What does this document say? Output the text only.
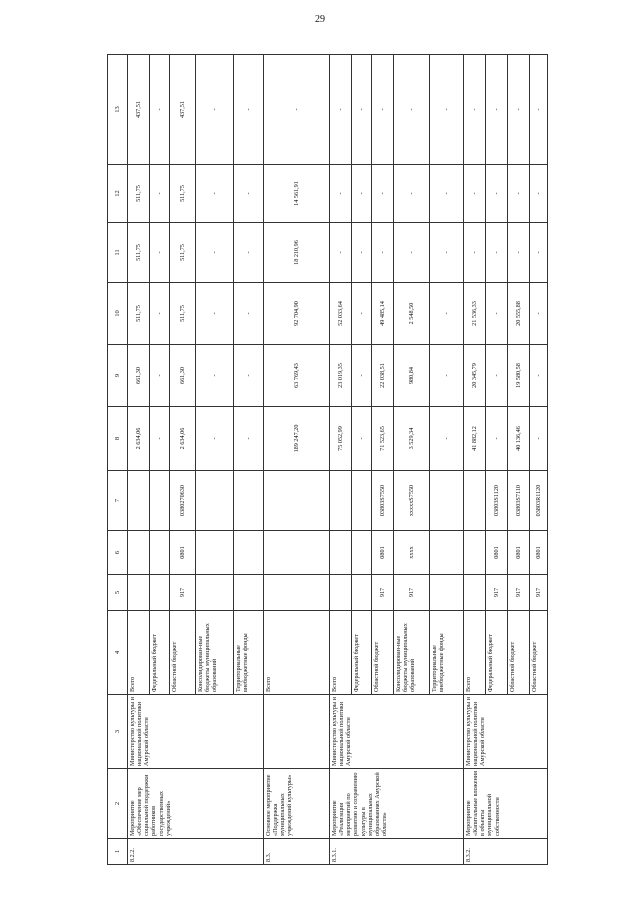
29
1	2	3	4	5	6	7	8	9	10	11	12	13
8.2.2.	Мероприятие «Обеспечение мер социальной поддержки работников государственных учреждений»	Министерство культуры и национальной политики Амурской области	Всего				2 634,06	661,30	511,75	511,75	511,75	437,51
			Федеральный бюджет				-	-	-	-	-	-
			Областной бюджет	917	0801	0380270630	2 634,06	661,30	511,75	511,75	511,75	437,51
			Консолидирован-ные бюджеты муниципальных образований				-	-	-	-	-	-
			Территориальные внебюджетные фонды				-	-	-	-	-	-
8.3.	Основное мероприятие «Поддержка муниципальных учреждений культуры»		Всего				189 247,20	63 769,43	92 704,90	18 210,96	14 561,91	-
8.3.1.	Мероприятие «Реализация мероприятий по развитию и сохранению культуры в муниципальных образованиях Амурской области»	Министерство культуры и национальной политики Амурской области	Всего				75 052,99	23 019,35	52 033,64	-	-	-
			Федеральный бюджет				-	-	-	-	-	-
			Областной бюджет	917	0801	03803S7550	71 523,65	22 038,51	49 485,14	-	-	-
			Консолидирован-ные бюджеты муниципальных образований	917	xxxx	xxxxxS7550	3 529,34	980,84	2 548,50	-	-	-
			Территориальные внебюджетные фонды				-	-	-	-	-	-
8.3.2.	Мероприятие «Капитальные вложения в объекты муниципальной собственности	Министерство культуры и национальной политики Амурской области	Всего				41 882,12	20 345,79	21 536,33	-	-	-
			Федеральный бюджет	917	0801	03803S1120	-	-	-	-	-	-
			Областной бюджет	917	0801	03803S7110	40 136,46	19 580,58	20 555,88	-	-	-
			Областной бюджет	917	0801	03803R1120	-	-	-	-	-	-
